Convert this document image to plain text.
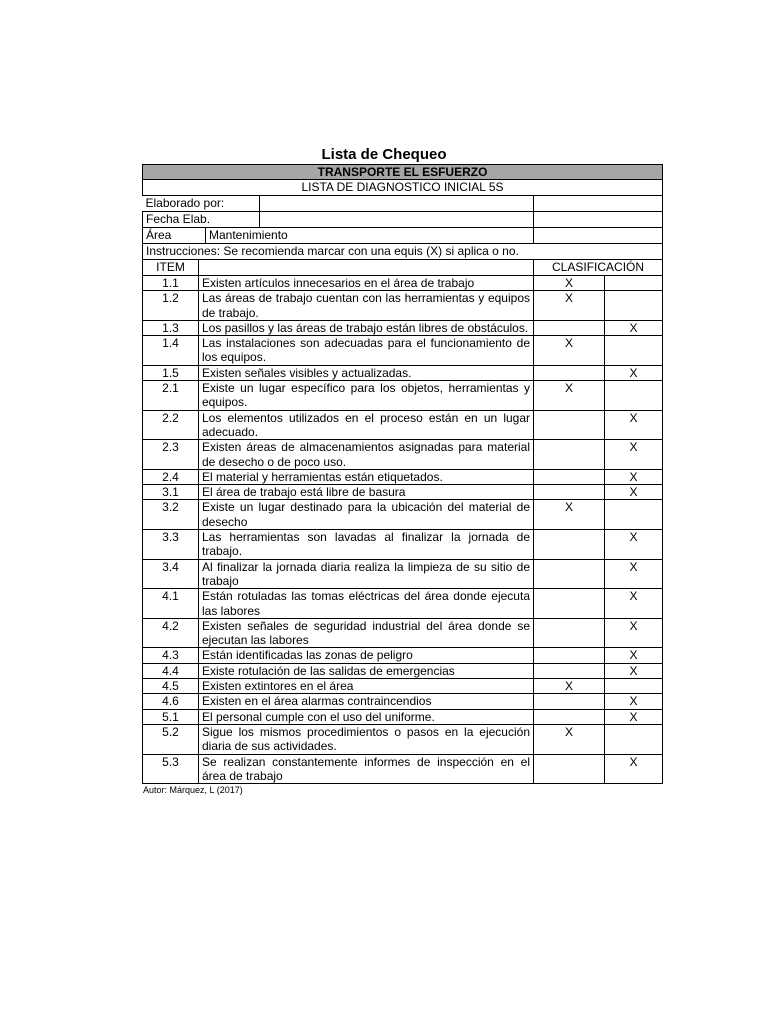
Lista de Chequeo
TRANSPORTE EL ESFUERZO
LISTA DE DIAGNOSTICO INICIAL 5S

Elaborado por:	

Fecha Elab.	

Área	Mantenimiento

Instrucciones: Se recomienda marcar con una equis (X) si aplica o no.
ITEM		CLASIFICACIÓN
1.1	Existen artículos innecesarios en el área de trabajo	X	
1.2	Las áreas de trabajo cuentan con las herramientas y equipos de trabajo.	X	
1.3	Los pasillos y las áreas de trabajo están libres de obstáculos.		X
1.4	Las instalaciones son adecuadas para el funcionamiento de los equipos.	X	
1.5	Existen señales visibles y actualizadas.		X
2.1	Existe un lugar específico para los objetos, herramientas y equipos.	X	
2.2	Los elementos utilizados en el proceso están en un lugar adecuado.		X
2.3	Existen áreas de almacenamientos asignadas para material de desecho o de poco uso.		X
2.4	El material y herramientas están etiquetados.		X
3.1	El área de trabajo está libre de basura		X
3.2	Existe un lugar destinado para la ubicación del material de desecho	X	
3.3	Las herramientas son lavadas al finalizar la jornada de trabajo.		X
3.4	Al finalizar la jornada diaria realiza la limpieza de su sitio de trabajo		X
4.1	Están rotuladas las tomas eléctricas del área donde ejecuta las labores		X
4.2	Existen señales de seguridad industrial del área donde se ejecutan las labores		X
4.3	Están identificadas las zonas de peligro		X
4.4	Existe rotulación de las salidas de emergencias		X
4.5	Existen extintores en el área	X	
4.6	Existen en el área alarmas contraincendios		X
5.1	El personal cumple con el uso del uniforme.		X
5.2	Sigue los mismos procedimientos o pasos en la ejecución diaria de sus actividades.	X	
5.3	Se realizan constantemente informes de inspección en el área de trabajo		X
Autor: Márquez, L (2017)
